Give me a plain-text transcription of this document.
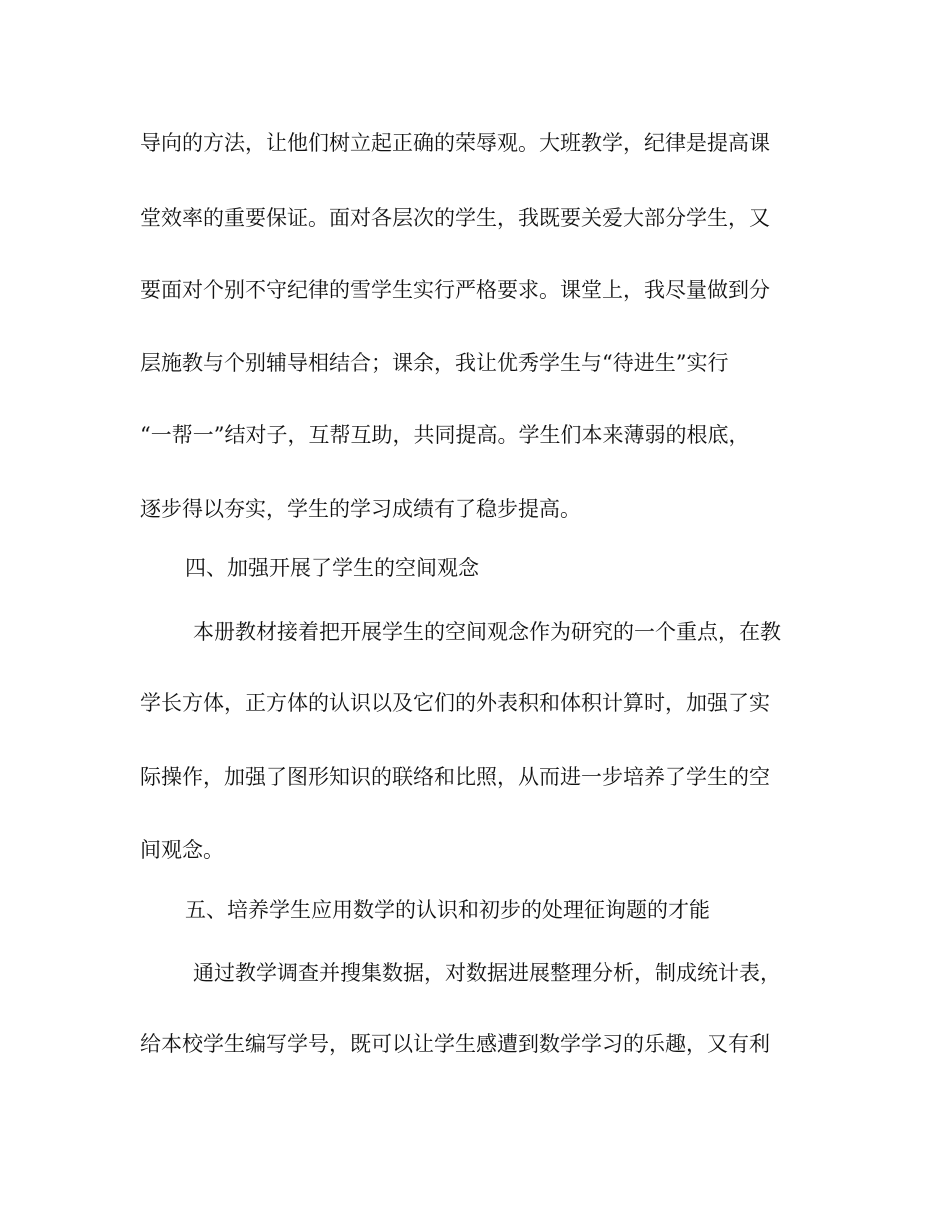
导向的方法，让他们树立起正确的荣辱观。大班教学，纪律是提高课
堂效率的重要保证。面对各层次的学生，我既要关爱大部分学生，又
要面对个别不守纪律的雪学生实行严格要求。课堂上，我尽量做到分
层施教与个别辅导相结合；课余，我让优秀学生与“待进生”实行
“一帮一”结对子，互帮互助，共同提高。学生们本来薄弱的根底，
逐步得以夯实，学生的学习成绩有了稳步提高。
四、加强开展了学生的空间观念
本册教材接着把开展学生的空间观念作为研究的一个重点，在教
学长方体，正方体的认识以及它们的外表积和体积计算时，加强了实
际操作，加强了图形知识的联络和比照，从而进一步培养了学生的空
间观念。
五、培养学生应用数学的认识和初步的处理征询题的才能
通过教学调查并搜集数据，对数据进展整理分析，制成统计表，
给本校学生编写学号，既可以让学生感遭到数学学习的乐趣，又有利
